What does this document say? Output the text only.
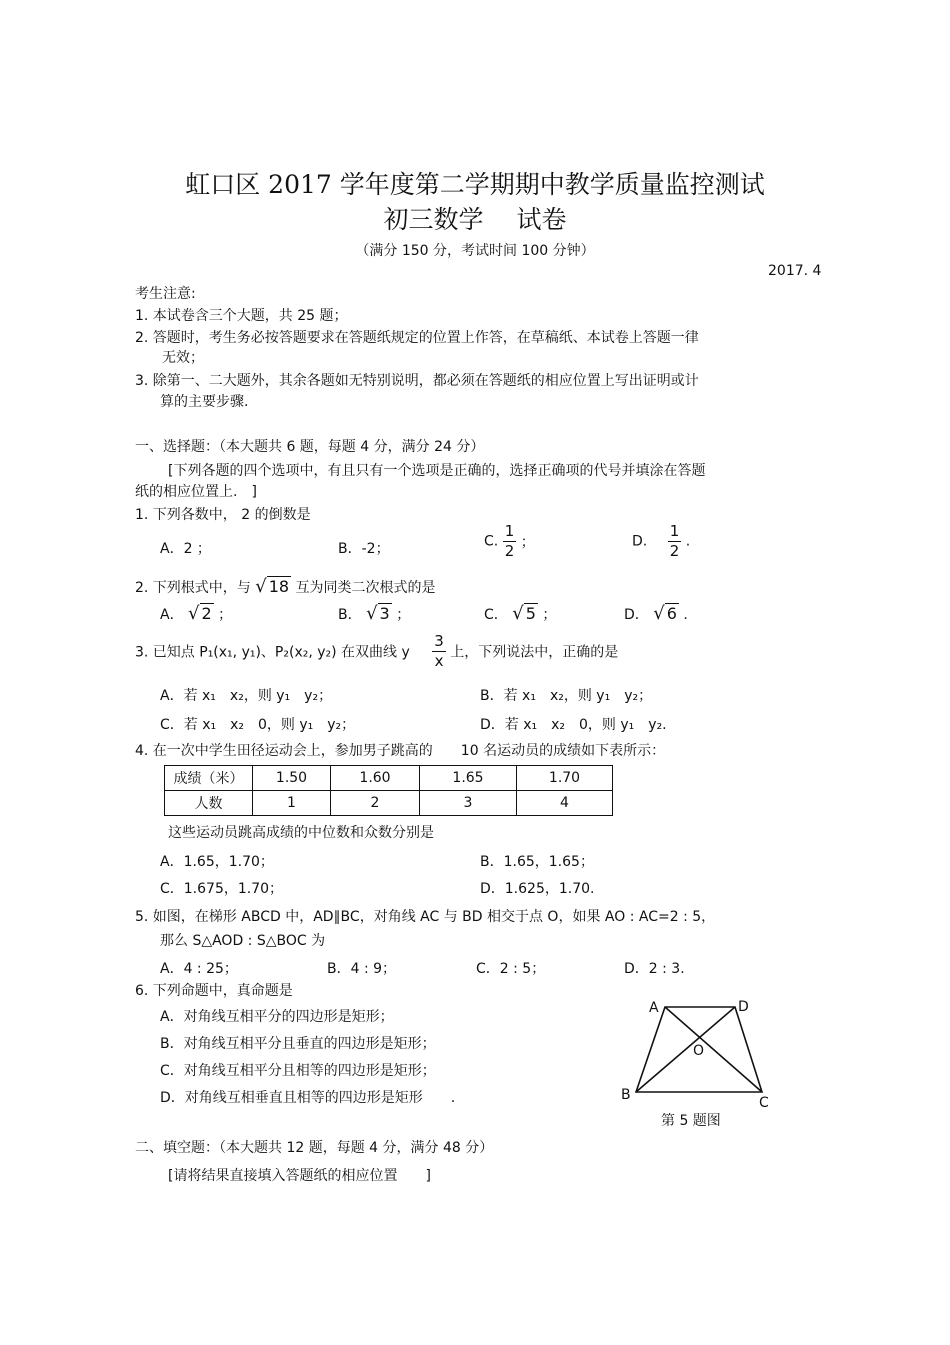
虹口区 2017 学年度第二学期期中教学质量监控测试
初三数学　 试卷
（满分 150 分，考试时间 100 分钟）
2017. 4
考生注意:
1. 本试卷含三个大题，共 25 题；
2. 答题时，考生务必按答题要求在答题纸规定的位置上作答，在草稿纸、本试卷上答题一律
无效；
3. 除第一、二大题外，其余各题如无特别说明，都必须在答题纸的相应位置上写出证明或计
算的主要步骤.
一、选择题：（本大题共 6 题，每题 4 分，满分 24 分）
[下列各题的四个选项中，有且只有一个选项是正确的，选择正确项的代号并填涂在答题
纸的相应位置上.　]
1. 下列各数中， 2 的倒数是
A．2 ；	B．-2；	C. $\frac{1}{2}$ ；	D. $\frac{1}{2}$ .
2. 下列根式中，与 √ 18 互为同类二次根式的是
A． √ 2 ；	B． √ 3 ；	C． √ 5 ；	D． √ 6 .
3. 已知点 P₁(x₁, y₁)、P₂(x₂, y₂) 在双曲线 y $\frac{3}{x}$ 上，下列说法中，正确的是
A．若 x₁　x₂，则 y₁　y₂；	B．若 x₁　x₂，则 y₁　y₂；
C．若 x₁　x₂　0，则 y₁　y₂；	D．若 x₁　x₂　0，则 y₁　y₂.
4. 在一次中学生田径运动会上，参加男子跳高的　　10 名运动员的成绩如下表所示：
成绩（米）	1.50	1.60	1.65	1.70
人数	1	2	3	4
这些运动员跳高成绩的中位数和众数分别是
A．1.65，1.70；	B．1.65，1.65；
C．1.675，1.70；	D．1.625，1.70.
5. 如图，在梯形 ABCD 中，AD∥BC，对角线 AC 与 BD 相交于点 O，如果 AO : AC=2 : 5，
那么 S△AOD : S△BOC 为
A．4 : 25；	B．4 : 9；	C．2 : 5；	D．2 : 3.
6. 下列命题中，真命题是
A．对角线互相平分的四边形是矩形；
B．对角线互相平分且垂直的四边形是矩形；
C．对角线互相平分且相等的四边形是矩形；
D．对角线互相垂直且相等的四边形是矩形　　.
A	D
O
B	C
第 5 题图
二、填空题：（本大题共 12 题，每题 4 分，满分 48 分）
[请将结果直接填入答题纸的相应位置　　]
